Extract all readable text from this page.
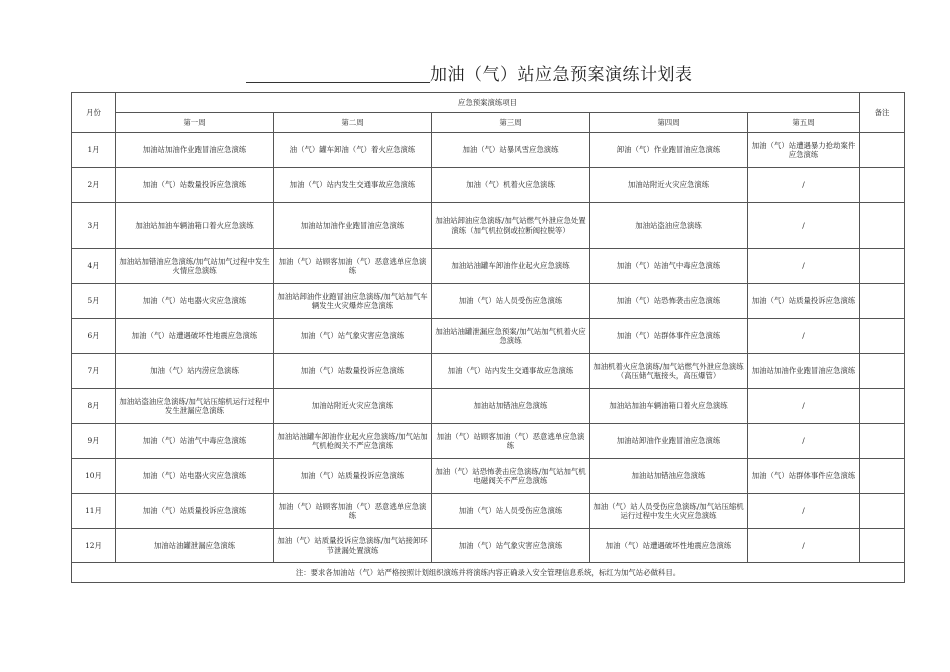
加油（气）站应急预案演练计划表
月份	应急预案演练项目					备注
	第一周	第二周	第三周	第四周	第五周	
1月	加油站加油作业跑冒油应急演练	油（气）罐车卸油（气）着火应急演练	加油（气）站暴风雪应急演练	卸油（气）作业跑冒油应急演练	加油（气）站遭遇暴力抢劫案件应急演练	
2月	加油（气）站数量投诉应急演练	加油（气）站内发生交通事故应急演练	加油（气）机着火应急演练	加油站附近火灾应急演练	/	
3月	加油站加油车辆油箱口着火应急演练	加油站加油作业跑冒油应急演练	加油站卸油应急演练/加气站燃气外泄应急处置演练（加气机拉倒或拉断阀拉脱等）	加油站盗油应急演练	/	
4月	加油站加错油应急演练/加气站加气过程中发生火情应急演练	加油（气）站顾客加油（气）恶意逃单应急演练	加油站油罐车卸油作业起火应急演练	加油（气）站油气中毒应急演练	/	
5月	加油（气）站电器火灾应急演练	加油站卸油作业跑冒油应急演练/加气站加气车辆发生火灾爆炸应急演练	加油（气）站人员受伤应急演练	加油（气）站恐怖袭击应急演练	加油（气）站质量投诉应急演练	
6月	加油（气）站遭遇破坏性地震应急演练	加油（气）站气象灾害应急演练	加油站油罐泄漏应急预案/加气站加气机着火应急演练	加油（气）站群体事件应急演练	/	
7月	加油（气）站内涝应急演练	加油（气）站数量投诉应急演练	加油（气）站内发生交通事故应急演练	加油机着火应急演练/加气站燃气外泄应急演练（高压储气瓶接头，高压爆管）	加油站加油作业跑冒油应急演练	
8月	加油站盗油应急演练/加气站压缩机运行过程中发生泄漏应急演练	加油站附近火灾应急演练	加油站加错油应急演练	加油站加油车辆油箱口着火应急演练	/	
9月	加油（气）站油气中毒应急演练	加油站油罐车卸油作业起火应急演练/加气站加气机枪阀关不严应急演练	加油（气）站顾客加油（气）恶意逃单应急演练	加油站卸油作业跑冒油应急演练	/	
10月	加油（气）站电器火灾应急演练	加油（气）站质量投诉应急演练	加油（气）站恐怖袭击应急演练/加气站加气机电磁阀关不严应急演练	加油站加错油应急演练	加油（气）站群体事件应急演练	
11月	加油（气）站质量投诉应急演练	加油（气）站顾客加油（气）恶意逃单应急演练	加油（气）站人员受伤应急演练	加油（气）站人员受伤应急演练/加气站压缩机运行过程中发生火灾应急演练	/	
12月	加油站油罐泄漏应急演练	加油（气）站质量投诉应急演练/加气站接卸环节泄漏处置演练	加油（气）站气象灾害应急演练	加油（气）站遭遇破坏性地震应急演练	/	
注：要求各加油站（气）站严格按照计划组织演练并将演练内容正确录入安全管理信息系统，标红为加气站必做科目。						
